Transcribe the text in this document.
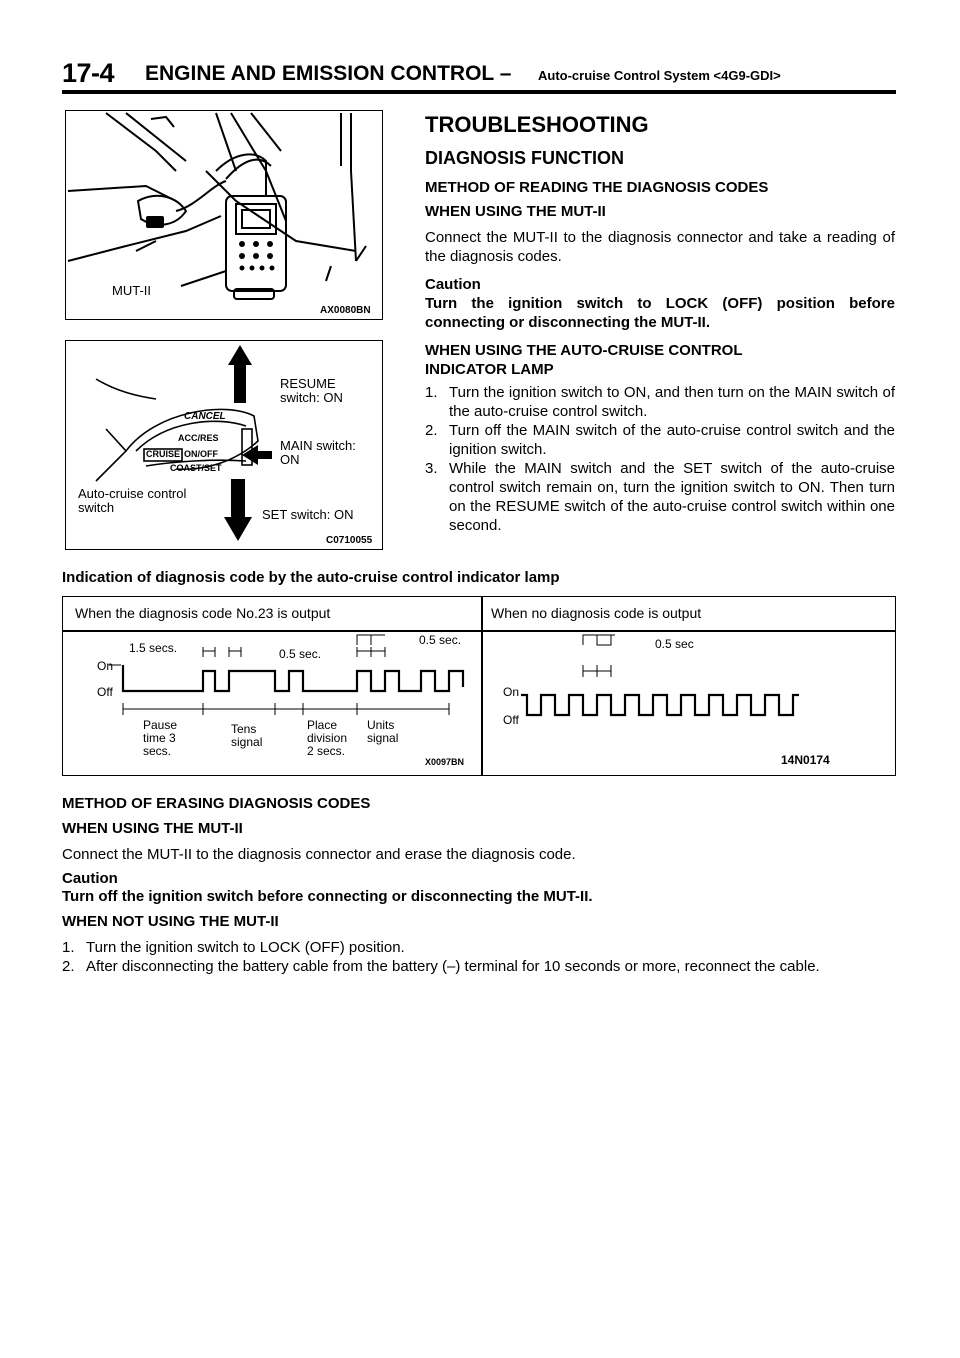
17-4 ENGINE AND EMISSION CONTROL – Auto-cruise Control System <4G9-GDI>
MUT-II
AX0080BN
CANCEL
ACC/RES
CRUISE ON/OFF
COAST/SET
RESUME
switch: ON
MAIN switch:
ON
Auto-cruise control
switch	SET switch: ON
C0710055
TROUBLESHOOTING
DIAGNOSIS FUNCTION
METHOD OF READING THE DIAGNOSIS CODES
WHEN USING THE MUT-II
Connect the MUT-II to the diagnosis connector and take a reading of the diagnosis codes.
Caution
Turn the ignition switch to LOCK (OFF) position before connecting or disconnecting the MUT-II.
WHEN USING THE AUTO-CRUISE CONTROL INDICATOR LAMP
1. Turn the ignition switch to ON, and then turn on the MAIN switch of the auto-cruise control switch.
2. Turn off the MAIN switch of the auto-cruise control switch and the ignition switch.
3. While the MAIN switch and the SET switch of the auto-cruise control switch remain on, turn the ignition switch to ON. Then turn on the RESUME switch of the auto-cruise control switch within one second.
Indication of diagnosis code by the auto-cruise control indicator lamp
When the diagnosis code No.23 is output	When no diagnosis code is output
On
Off
1.5 secs.	0.5 sec.
0.5 sec.
Pause
time 3
secs.
Tens
signal
Place
division
2 secs.
Units
signal
X0097BN
On
Off
0.5 sec
14N0174
METHOD OF ERASING DIAGNOSIS CODES
WHEN USING THE MUT-II
Connect the MUT-II to the diagnosis connector and erase the diagnosis code.
Caution
Turn off the ignition switch before connecting or disconnecting the MUT-II.
WHEN NOT USING THE MUT-II
1. Turn the ignition switch to LOCK (OFF) position.
2. After disconnecting the battery cable from the battery (–) terminal for 10 seconds or more, reconnect the cable.
